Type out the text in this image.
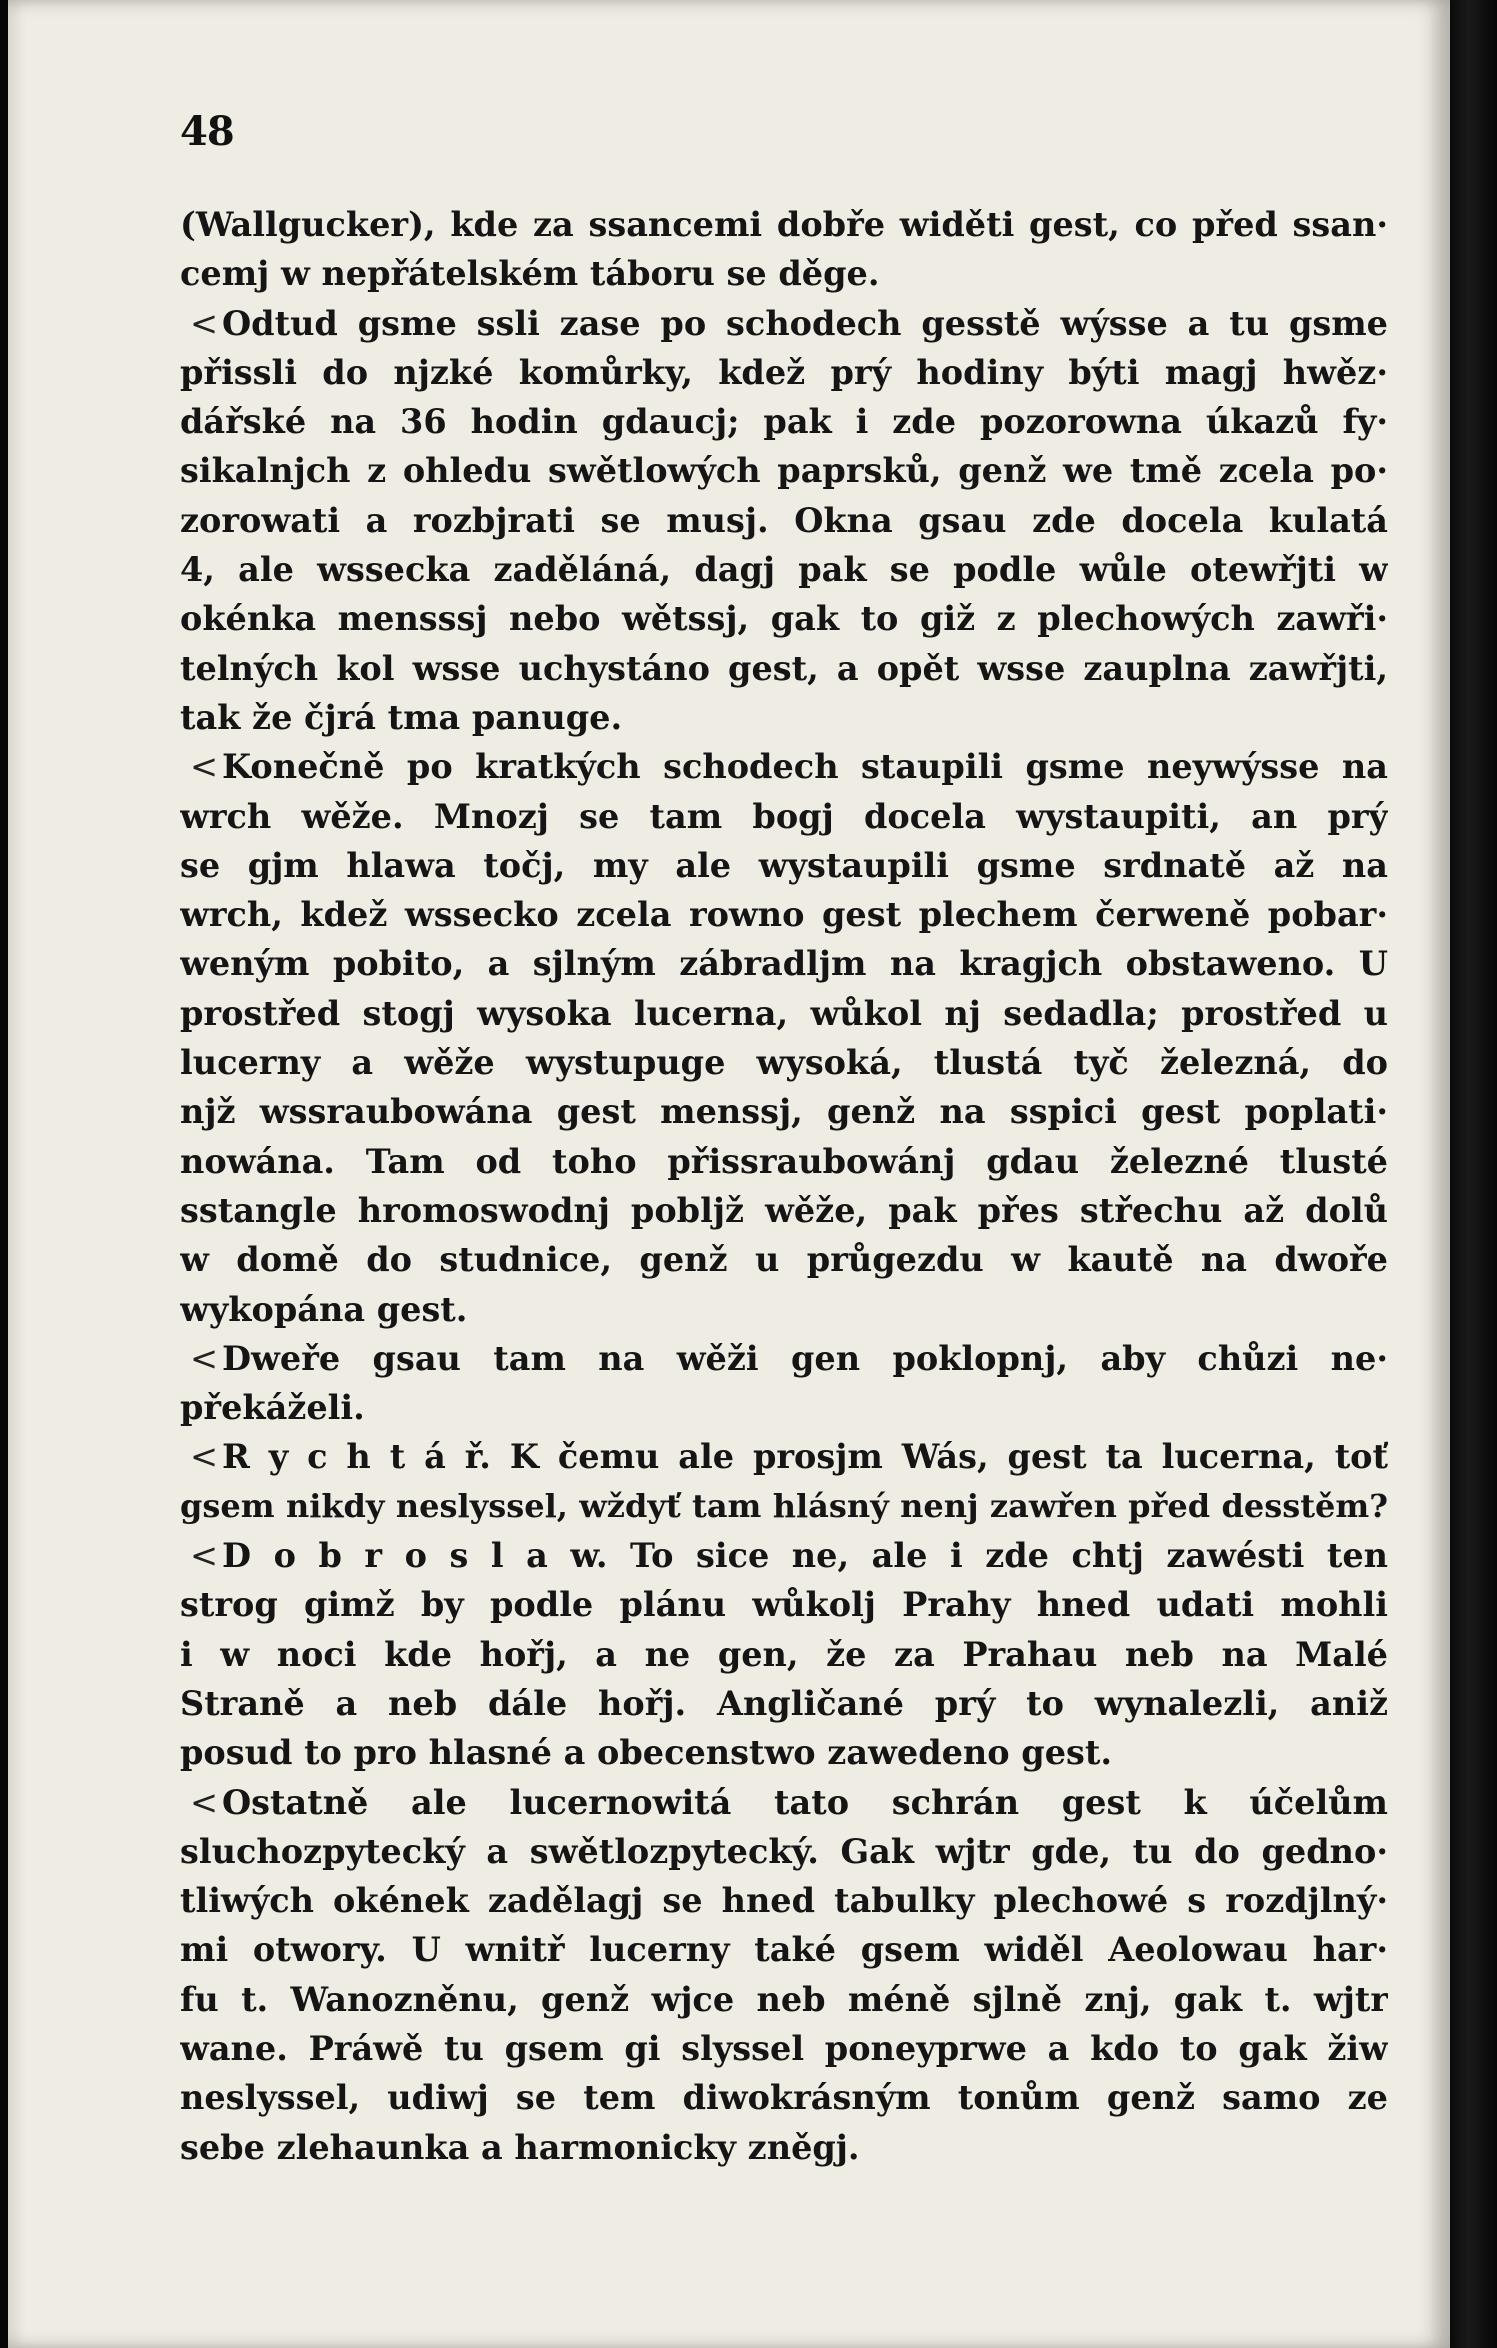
48
(Wallgucker), kde za ssancemi dobře widěti gest, co před ssan·
cemj w nepřátelském táboru se děge.
<Odtud gsme ssli zase po schodech gesstě wýsse a tu gsme
přissli do njzké komůrky, kdež prý hodiny býti magj hwěz·
dářské na 36 hodin gdaucj; pak i zde pozorowna úkazů fy·
sikalnjch z ohledu swětlowých paprsků, genž we tmě zcela po·
zorowati a rozbjrati se musj. Okna gsau zde docela kulatá
4, ale wssecka zaděláná, dagj pak se podle wůle otewřjti w
okénka mensssj nebo wětssj, gak to giž z plechowých zawři·
telných kol wsse uchystáno gest, a opět wsse zauplna zawřjti,
tak že čjrá tma panuge.
<Konečně po kratkých schodech staupili gsme neywýsse na
wrch wěže. Mnozj se tam bogj docela wystaupiti, an prý
se gjm hlawa točj, my ale wystaupili gsme srdnatě až na
wrch, kdež wssecko zcela rowno gest plechem čerweně pobar·
weným pobito, a sjlným zábradljm na kragjch obstaweno. U
prostřed stogj wysoka lucerna, wůkol nj sedadla; prostřed u
lucerny a wěže wystupuge wysoká, tlustá tyč železná, do
njž wssraubowána gest menssj, genž na sspici gest poplati·
nowána. Tam od toho přissraubowánj gdau železné tlusté
sstangle hromoswodnj pobljž wěže, pak přes střechu až dolů
w domě do studnice, genž u průgezdu w kautě na dwoře
wykopána gest.
<Dweře gsau tam na wěži gen poklopnj, aby chůzi ne·
překáželi.
<R y c h t á ř. K čemu ale prosjm Wás, gest ta lucerna, toť
gsem nikdy neslyssel, wždyť tam hlásný nenj zawřen před desstěm?
<D o b r o s l a w. To sice ne, ale i zde chtj zawésti ten
strog gimž by podle plánu wůkolj Prahy hned udati mohli
i w noci kde hořj, a ne gen, že za Prahau neb na Malé
Straně a neb dále hořj. Angličané prý to wynalezli, aniž
posud to pro hlasné a obecenstwo zawedeno gest.
<Ostatně ale lucernowitá tato schrán gest k účelům
sluchozpytecký a swětlozpytecký. Gak wjtr gde, tu do gedno·
tliwých okének zadělagj se hned tabulky plechowé s rozdjlný·
mi otwory. U wnitř lucerny také gsem widěl Aeolowau har·
fu t. Wanozněnu, genž wjce neb méně sjlně znj, gak t. wjtr
wane. Práwě tu gsem gi slyssel poneyprwe a kdo to gak žiw
neslyssel, udiwj se tem diwokrásným tonům genž samo ze
sebe zlehaunka a harmonicky zněgj.
